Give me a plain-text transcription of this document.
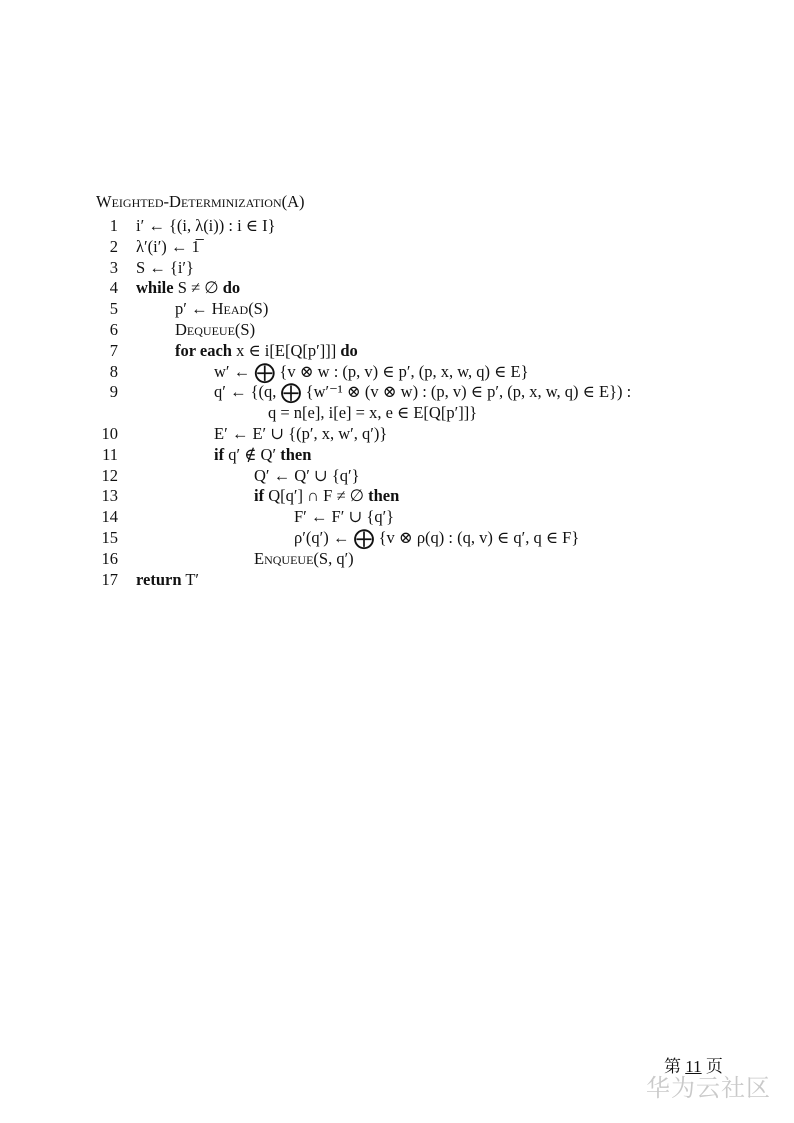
Weighted-Determinization(A)
1 i′ ← {(i, λ(i)) : i ∈ I}
2 λ′(i′) ← 1̅
3 S ← {i′}
4 while S ≠ ∅ do
5	p′ ← Head(S)
6	Dequeue(S)
7	for each x ∈ i[E[Q[p′]]] do
8	w′ ← ⨁ {v ⊗ w : (p, v) ∈ p′, (p, x, w, q) ∈ E}
9	q′ ← {(q, ⨁ {w′⁻¹ ⊗ (v ⊗ w) : (p, v) ∈ p′, (p, x, w, q) ∈ E}) :
q = n[e], i[e] = x, e ∈ E[Q[p′]]}
10	E′ ← E′ ∪ {(p′, x, w′, q′)}
11	if q′ ∉ Q′ then
12	Q′ ← Q′ ∪ {q′}
13	if Q[q′] ∩ F ≠ ∅ then
14	F′ ← F′ ∪ {q′}
15	ρ′(q′) ← ⨁ {v ⊗ ρ(q) : (q, v) ∈ q′, q ∈ F}
16	Enqueue(S, q′)
17 return T′
第 11 页
华为云社区
